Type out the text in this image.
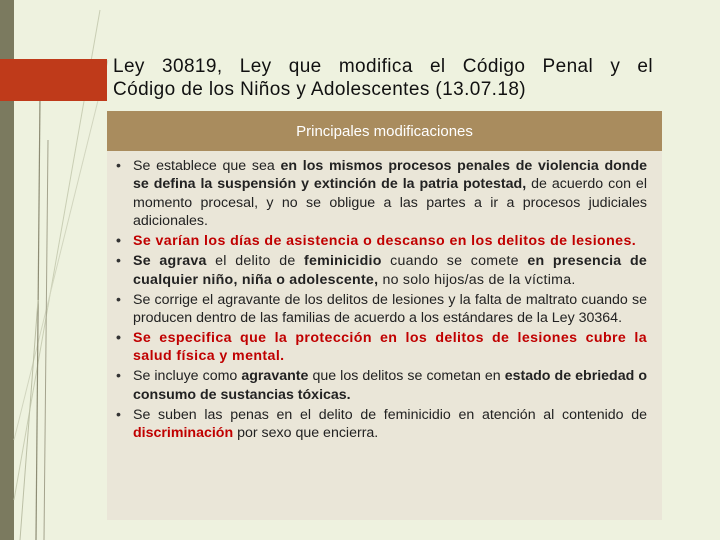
Ley 30819, Ley que modifica el Código Penal y el
Código de los Niños y Adolescentes (13.07.18)
Principales modificaciones
• Se establece que sea en los mismos procesos penales de violencia donde se defina la suspensión y extinción de la patria potestad, de acuerdo con el momento procesal, y no se obligue a las partes a ir a procesos judiciales adicionales.
• Se varían los días de asistencia o descanso en los delitos de lesiones.
• Se agrava el delito de feminicidio cuando se comete en presencia de cualquier niño, niña o adolescente, no solo hijos/as de la víctima.
• Se corrige el agravante de los delitos de lesiones y la falta de maltrato cuando se producen dentro de las familias de acuerdo a los estándares de la Ley 30364.
• Se especifica que la protección en los delitos de lesiones cubre la salud física y mental.
• Se incluye como agravante que los delitos se cometan en estado de ebriedad o consumo de sustancias tóxicas.
• Se suben las penas en el delito de feminicidio en atención al contenido de discriminación por sexo que encierra.
